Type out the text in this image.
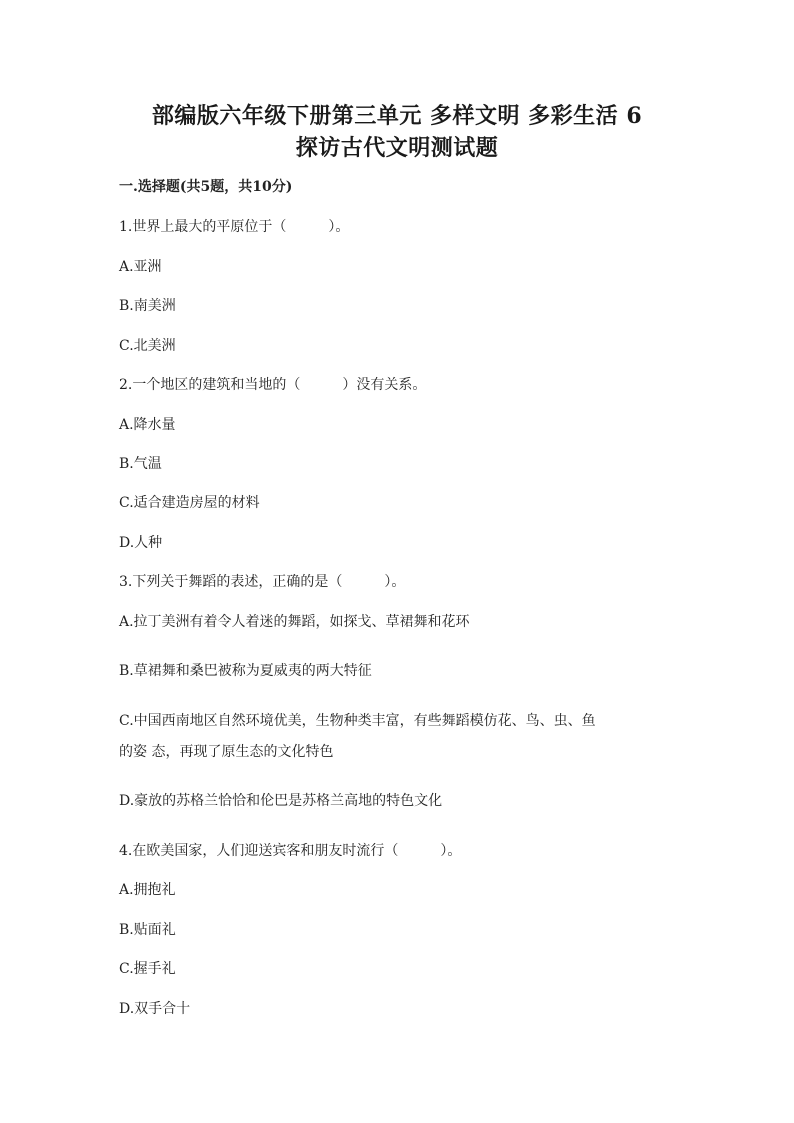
部编版六年级下册第三单元 多样文明 多彩生活 6
探访古代文明测试题
一.选择题(共5题，共10分)
1.世界上最大的平原位于（　　　）。
A.亚洲
B.南美洲
C.北美洲
2.一个地区的建筑和当地的（　　　）没有关系。
A.降水量
B.气温
C.适合建造房屋的材料
D.人种
3.下列关于舞蹈的表述，正确的是（　　　）。
A.拉丁美洲有着令人着迷的舞蹈，如探戈、草裙舞和花环
B.草裙舞和桑巴被称为夏威夷的两大特征
C.中国西南地区自然环境优美，生物种类丰富，有些舞蹈模仿花、鸟、虫、鱼
的姿 态，再现了原生态的文化特色
D.豪放的苏格兰恰恰和伦巴是苏格兰高地的特色文化
4.在欧美国家，人们迎送宾客和朋友时流行（　　　）。
A.拥抱礼
B.贴面礼
C.握手礼
D.双手合十
